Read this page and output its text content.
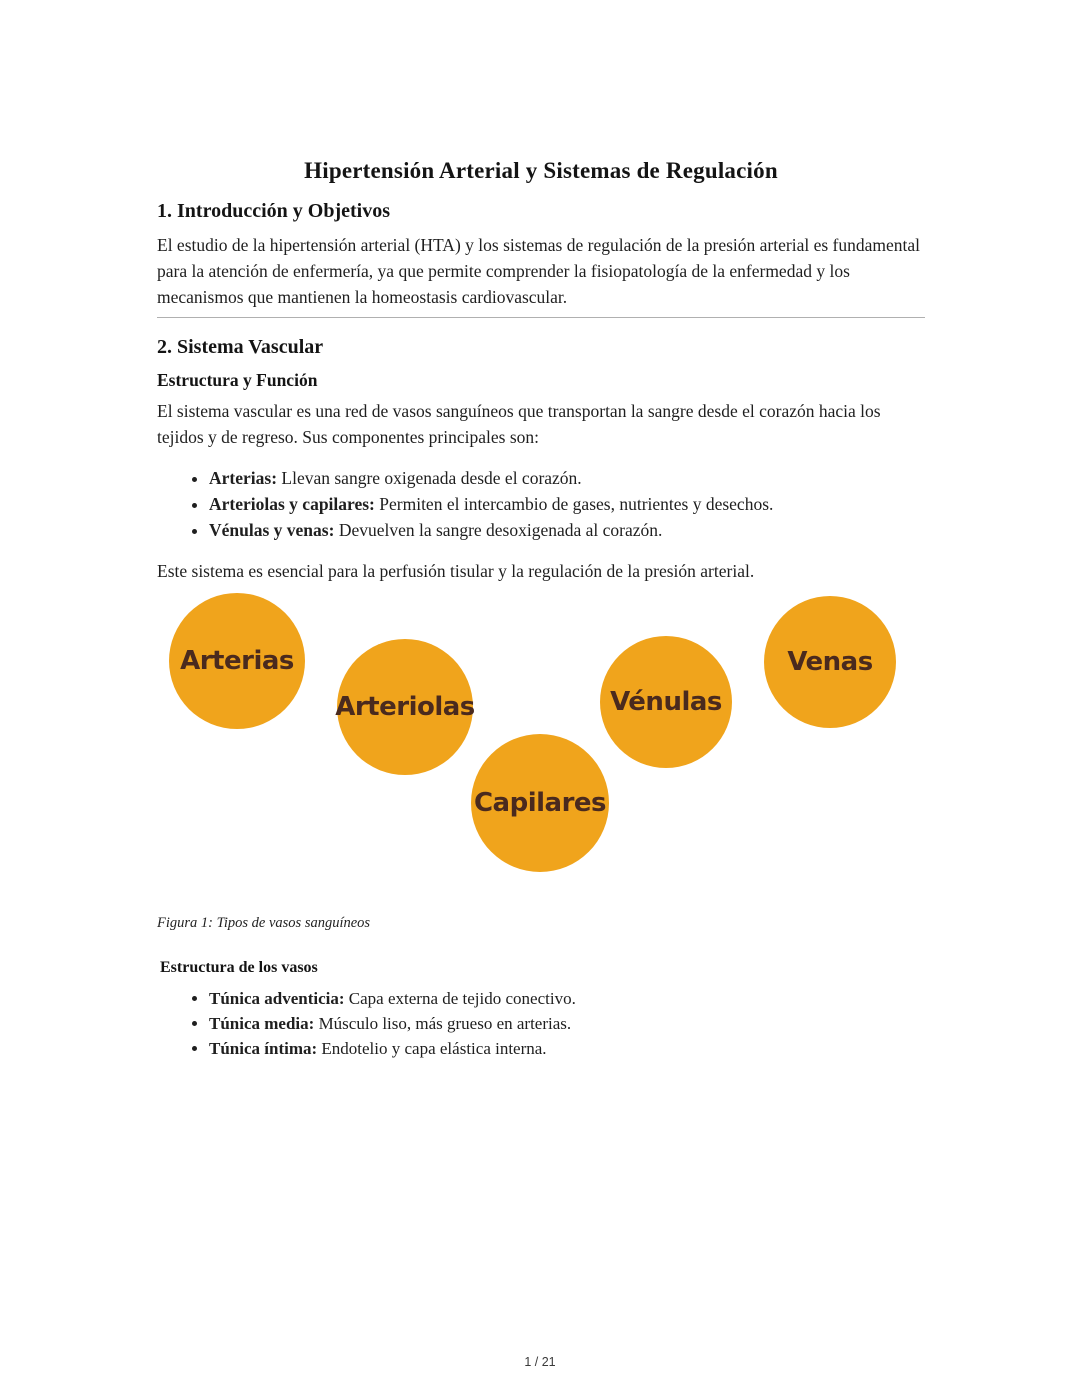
Hipertensión Arterial y Sistemas de Regulación
1. Introducción y Objetivos

El estudio de la hipertensión arterial (HTA) y los sistemas de regulación de la presión arterial es fundamental para la atención de enfermería, ya que permite comprender la fisiopatología de la enfermedad y los mecanismos que mantienen la homeostasis cardiovascular.

2. Sistema Vascular
Estructura y Función

El sistema vascular es una red de vasos sanguíneos que transportan la sangre desde el corazón hacia los tejidos y de regreso. Sus componentes principales son:

• Arterias: Llevan sangre oxigenada desde el corazón.
• Arteriolas y capilares: Permiten el intercambio de gases, nutrientes y desechos.
• Vénulas y venas: Devuelven la sangre desoxigenada al corazón.

Este sistema es esencial para la perfusión tisular y la regulación de la presión arterial.

Arterias
Arteriolas
Capilares
Vénulas
Venas

Figura 1: Tipos de vasos sanguíneos

Estructura de los vasos
• Túnica adventicia: Capa externa de tejido conectivo.
• Túnica media: Músculo liso, más grueso en arterias.
• Túnica íntima: Endotelio y capa elástica interna.
1 / 21
